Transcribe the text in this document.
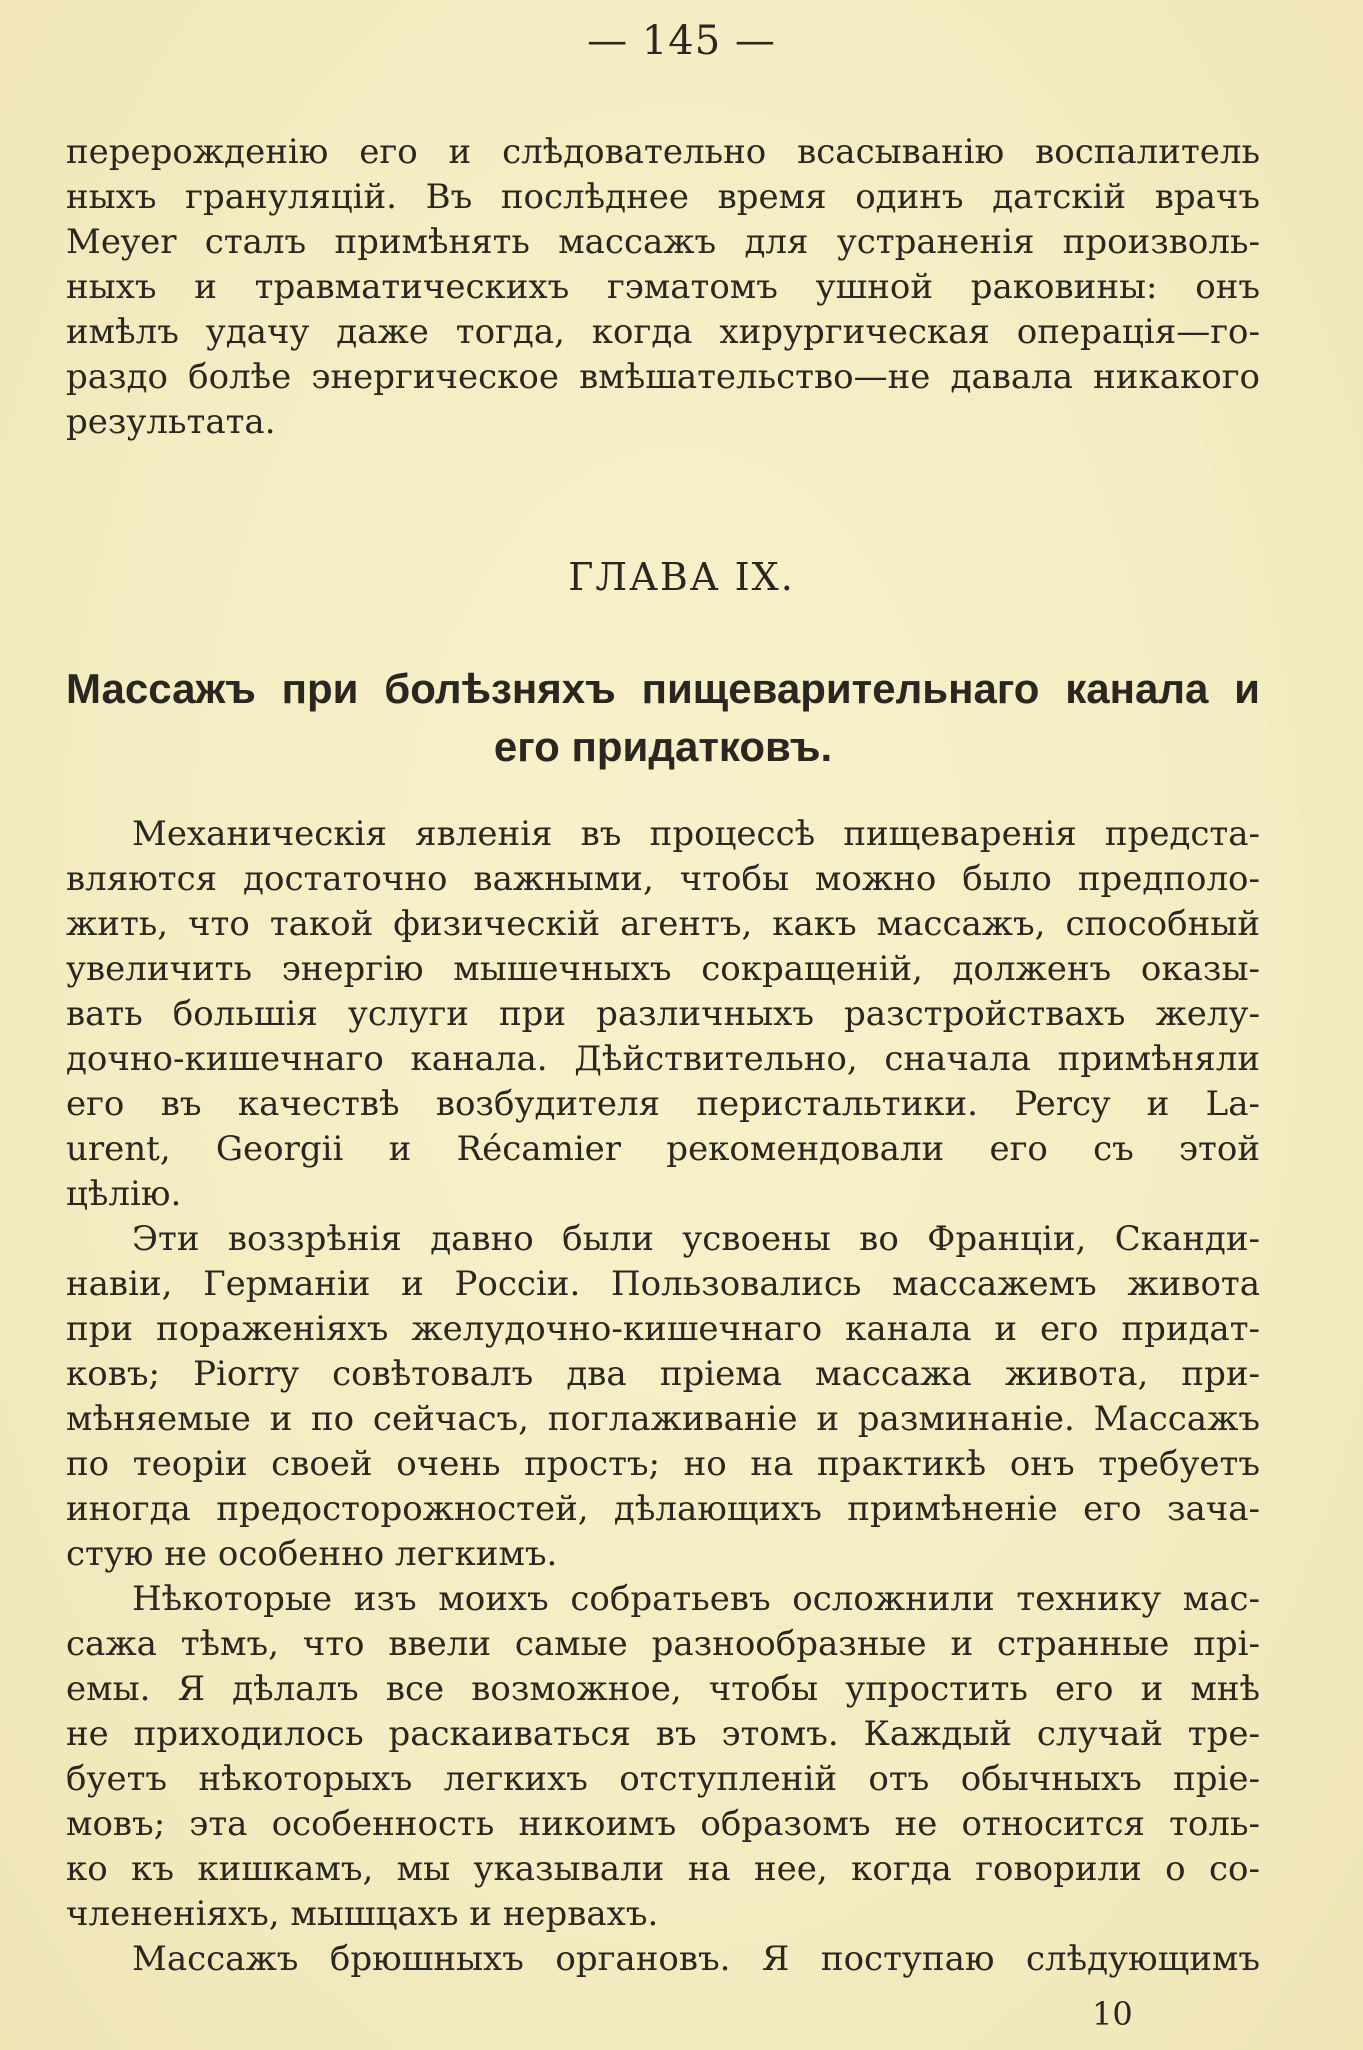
— 145 —
перерожденію его и слѣдовательно всасыванію воспалитель
ныхъ грануляцій. Въ послѣднее время одинъ датскій врачъ
Meyer сталъ примѣнять массажъ для устраненія произволь-
ныхъ и травматическихъ гэматомъ ушной раковины: онъ
имѣлъ удачу даже тогда, когда хирургическая операція—го-
раздо болѣе энергическое вмѣшательство—не давала никакого
результата.
ГЛАВА IX.
Массажъ при болѣзняхъ пищеварительнаго канала и
его придатковъ.
Механическія явленія въ процессѣ пищеваренія предста-
вляются достаточно важными, чтобы можно было предполо-
жить, что такой физическій агентъ, какъ массажъ, способный
увеличить энергію мышечныхъ сокращеній, долженъ оказы-
вать большія услуги при различныхъ разстройствахъ желу-
дочно-кишечнаго канала. Дѣйствительно, сначала примѣняли
его въ качествѣ возбудителя перистальтики. Percy и La-
urent, Georgii и Récamier рекомендовали его съ этой
цѣлію.
Эти воззрѣнія давно были усвоены во Франціи, Сканди-
навіи, Германіи и Россіи. Пользовались массажемъ живота
при пораженіяхъ желудочно-кишечнаго канала и его придат-
ковъ; Piorry совѣтовалъ два пріема массажа живота, при-
мѣняемые и по сейчасъ, поглаживаніе и разминаніе. Массажъ
по теоріи своей очень простъ; но на практикѣ онъ требуетъ
иногда предосторожностей, дѣлающихъ примѣненіе его зача-
стую не особенно легкимъ.
Нѣкоторые изъ моихъ собратьевъ осложнили технику мас-
сажа тѣмъ, что ввели самые разнообразные и странные прі-
емы. Я дѣлалъ все возможное, чтобы упростить его и мнѣ
не приходилось раскаиваться въ этомъ. Каждый случай тре-
буетъ нѣкоторыхъ легкихъ отступленій отъ обычныхъ пріе-
мовъ; эта особенность никоимъ образомъ не относится толь-
ко къ кишкамъ, мы указывали на нее, когда говорили о со-
члененіяхъ, мышцахъ и нервахъ.
Массажъ брюшныхъ органовъ. Я поступаю слѣдующимъ
10
